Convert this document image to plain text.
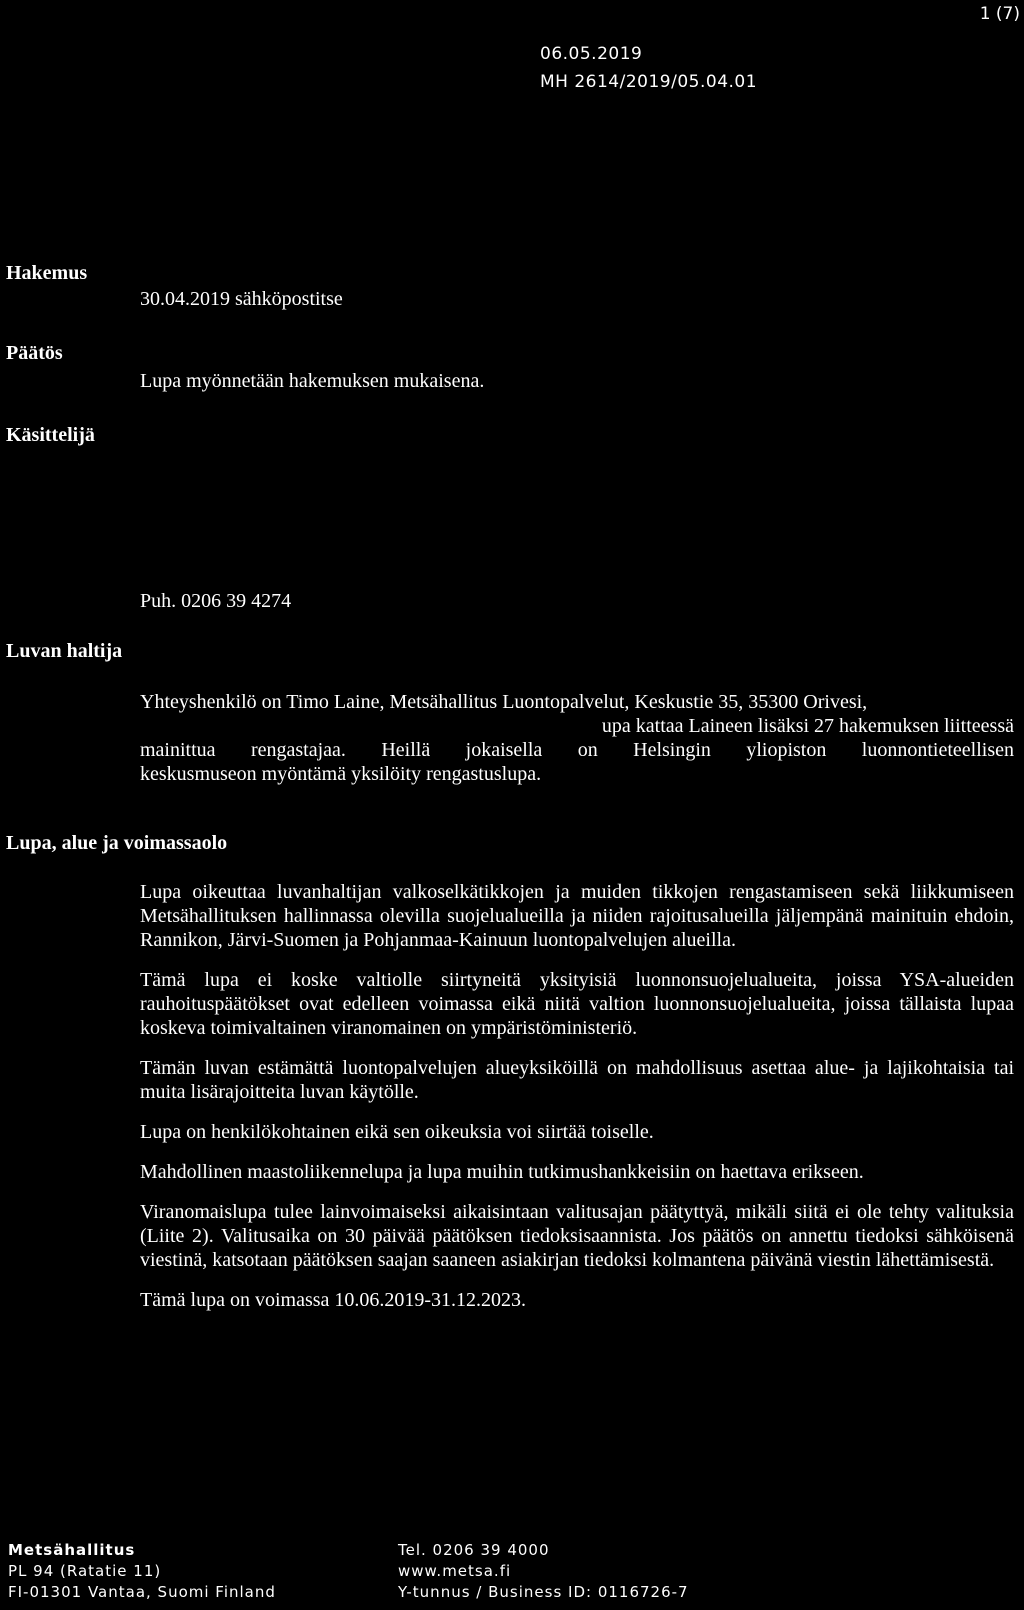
1 (7)
06.05.2019
MH 2614/2019/05.04.01
Hakemus
30.04.2019 sähköpostitse
Päätös
Lupa myönnetään hakemuksen mukaisena.
Käsittelijä
Puh. 0206 39 4274
Luvan haltija
Yhteyshenkilö on Timo Laine, Metsähallitus Luontopalvelut, Keskustie 35, 35300 Orivesi,
upa kattaa Laineen lisäksi 27 hakemuksen liitteessä
mainittua rengastajaa. Heillä jokaisella on Helsingin yliopiston luonnontieteellisen
keskusmuseon myöntämä yksilöity rengastuslupa.
Lupa, alue ja voimassaolo

Lupa oikeuttaa luvanhaltijan valkoselkätikkojen ja muiden tikkojen rengastamiseen sekä liikkumiseen Metsähallituksen hallinnassa olevilla suojelualueilla ja niiden rajoitusalueilla jäljempänä mainituin ehdoin, Rannikon, Järvi-Suomen ja Pohjanmaa-Kainuun luontopalvelujen alueilla.

Tämä lupa ei koske valtiolle siirtyneitä yksityisiä luonnonsuojelualueita, joissa YSA-alueiden rauhoituspäätökset ovat edelleen voimassa eikä niitä valtion luonnonsuojelualueita, joissa tällaista lupaa koskeva toimivaltainen viranomainen on ympäristöministeriö.

Tämän luvan estämättä luontopalvelujen alueyksiköillä on mahdollisuus asettaa alue- ja lajikohtaisia tai muita lisärajoitteita luvan käytölle.

Lupa on henkilökohtainen eikä sen oikeuksia voi siirtää toiselle.

Mahdollinen maastoliikennelupa ja lupa muihin tutkimushankkeisiin on haettava erikseen.

Viranomaislupa tulee lainvoimaiseksi aikaisintaan valitusajan päätyttyä, mikäli siitä ei ole tehty valituksia (Liite 2). Valitusaika on 30 päivää päätöksen tiedoksisaannista. Jos päätös on annettu tiedoksi sähköisenä viestinä, katsotaan päätöksen saajan saaneen asiakirjan tiedoksi kolmantena päivänä viestin lähettämisestä.

Tämä lupa on voimassa 10.06.2019-31.12.2023.

Metsähallitus
PL 94 (Ratatie 11)
FI-01301 Vantaa, Suomi Finland
Tel. 0206 39 4000
www.metsa.fi
Y-tunnus / Business ID: 0116726-7
